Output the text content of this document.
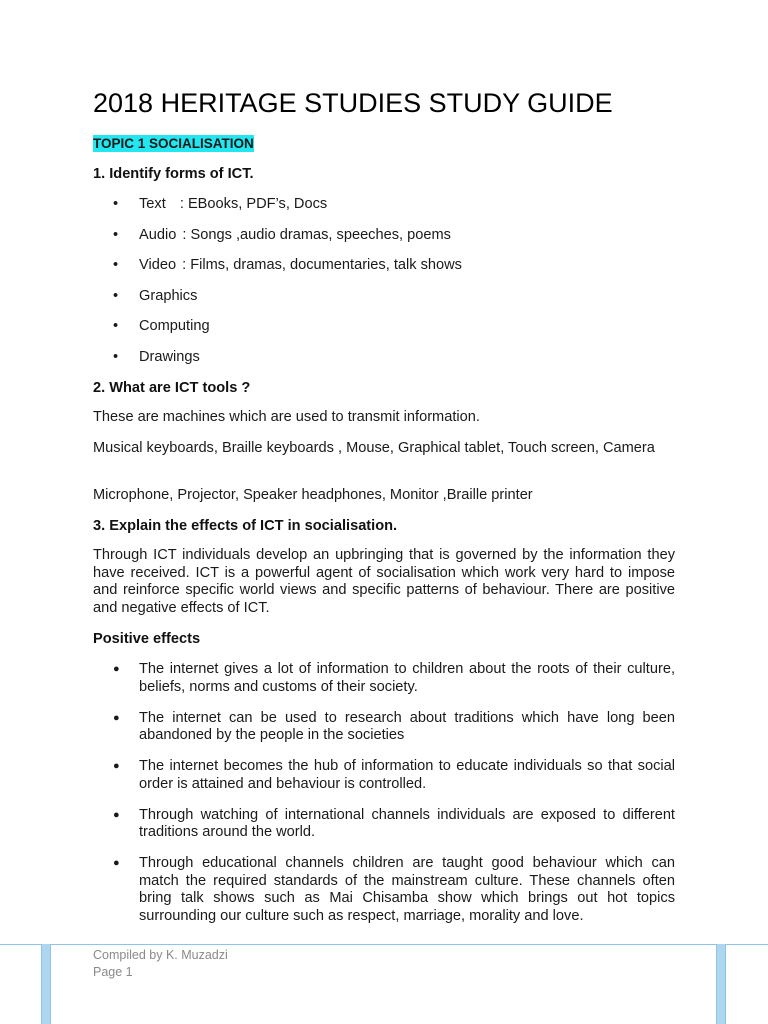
2018 HERITAGE STUDIES STUDY GUIDE
TOPIC 1 SOCIALISATION
1. Identify forms of ICT.
• Text : EBooks, PDF’s, Docs
• Audio : Songs ,audio dramas, speeches, poems
• Video : Films, dramas, documentaries, talk shows
• Graphics
• Computing
• Drawings
2. What are ICT tools ?
These are machines which are used to transmit information.
Musical keyboards, Braille keyboards , Mouse, Graphical tablet, Touch screen, Camera
Microphone, Projector, Speaker headphones, Monitor ,Braille printer
3. Explain the effects of ICT in socialisation.
Through ICT individuals develop an upbringing that is governed by the information they have received. ICT is a powerful agent of socialisation which work very hard to impose and reinforce specific world views and specific patterns of behaviour. There are positive and negative effects of ICT.
Positive effects
● The internet gives a lot of information to children about the roots of their culture, beliefs, norms and customs of their society.
● The internet can be used to research about traditions which have long been abandoned by the people in the societies
● The internet becomes the hub of information to educate individuals so that social order is attained and behaviour is controlled.
● Through watching of international channels individuals are exposed to different traditions around the world.
● Through educational channels children are taught good behaviour which can match the required standards of the mainstream culture. These channels often bring talk shows such as Mai Chisamba show which brings out hot topics surrounding our culture such as respect, marriage, morality and love.
Compiled by K. Muzadzi
Page 1
